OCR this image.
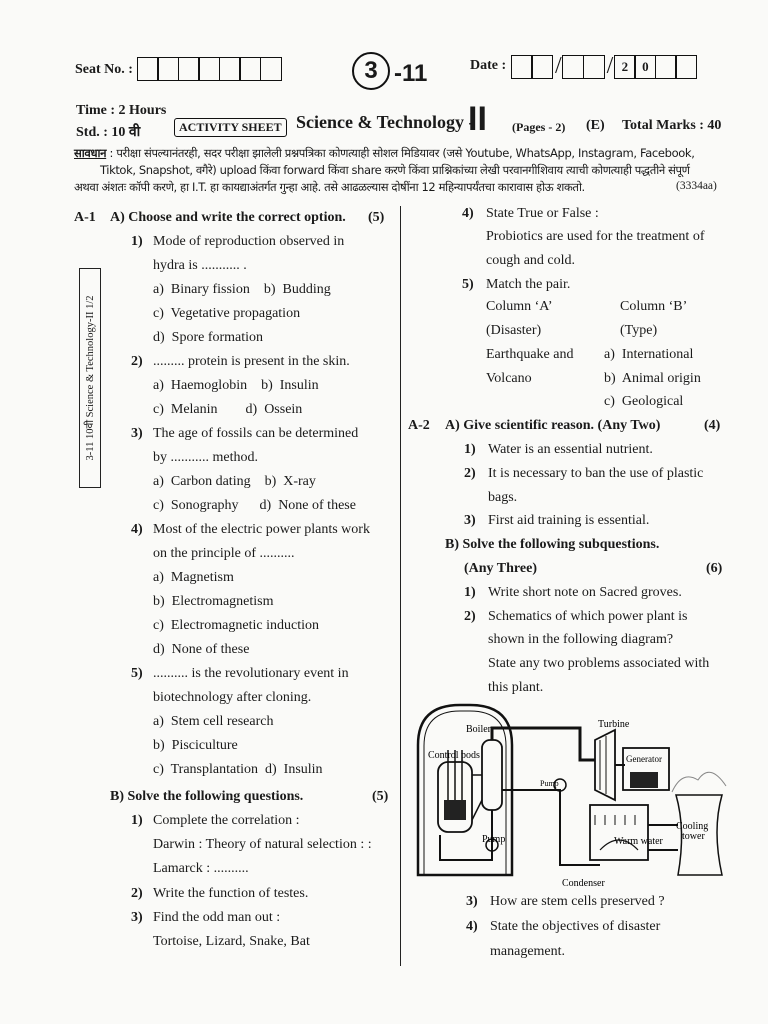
Seat No. :	3 -11	Date :	/ / 2 0
Time : 2 Hours
Std. : 10 वी	ACTIVITY SHEET Science & Technology -
II (Pages - 2) (E) Total Marks : 40
सावधान : परीक्षा संपल्यानंतरही, सदर परीक्षा झालेली प्रश्नपत्रिका कोणत्याही सोशल मिडियावर (जसे Youtube, WhatsApp, Instagram, Facebook,
Tiktok, Snapshot, वगैरे) upload किंवा forward किंवा share करणे किंवा प्राश्निकांच्या लेखी परवानगीशिवाय त्याची कोणत्याही पद्धतीने संपूर्ण
अथवा अंशतः कॉपी करणे, हा I.T. हा कायद्याअंतर्गत गुन्हा आहे. तसे आढळल्यास दोषींना 12 महिन्यापर्यंतचा कारावास होऊ शकतो.	(3334aa)
3-11 10वी Science & Technology-II 1/2
A-1 A) Choose and write the correct option. (5)
1) Mode of reproduction observed in
hydra is ........... .
a)  Binary fission    b)  Budding
c)  Vegetative propagation
d)  Spore formation
2) ......... protein is present in the skin.
a)  Haemoglobin    b)  Insulin
c)  Melanin        d)  Ossein
3) The age of fossils can be determined
by ........... method.
a)  Carbon dating    b)  X-ray
c)  Sonography      d)  None of these
4) Most of the electric power plants work
on the principle of ..........
a)  Magnetism
b)  Electromagnetism
c)  Electromagnetic induction
d)  None of these
5) .......... is the revolutionary event in
biotechnology after cloning.
a)  Stem cell research
b)  Pisciculture
c)  Transplantation  d)  Insulin
B) Solve the following questions.	(5)
1) Complete the correlation :
Darwin : Theory of natural selection : :
Lamarck : ..........
2) Write the function of testes.
3) Find the odd man out :
Tortoise, Lizard, Snake, Bat
4) State True or False :
Probiotics are used for the treatment of
cough and cold.
5) Match the pair.
Column ‘A’	Column ‘B’
(Disaster)	(Type)
Earthquake and a)  International
Volcano	b)  Animal origin
c)  Geological
A-2 A) Give scientific reason. (Any Two)	(4)
1) Water is an essential nutrient.
2) It is necessary to ban the use of plastic
bags.
3) First aid training is essential.
B) Solve the following subquestions.
(Any Three)	(6)
1) Write short note on Sacred groves.
2) Schematics of which power plant is
shown in the following diagram?
State any two problems associated with
this plant.
Boiler	Turbine
Control pods	Generator
Pump
Pump	Warm water
Cooling
tower
Condenser
3) How are stem cells preserved ?
4) State the objectives of disaster
management.
